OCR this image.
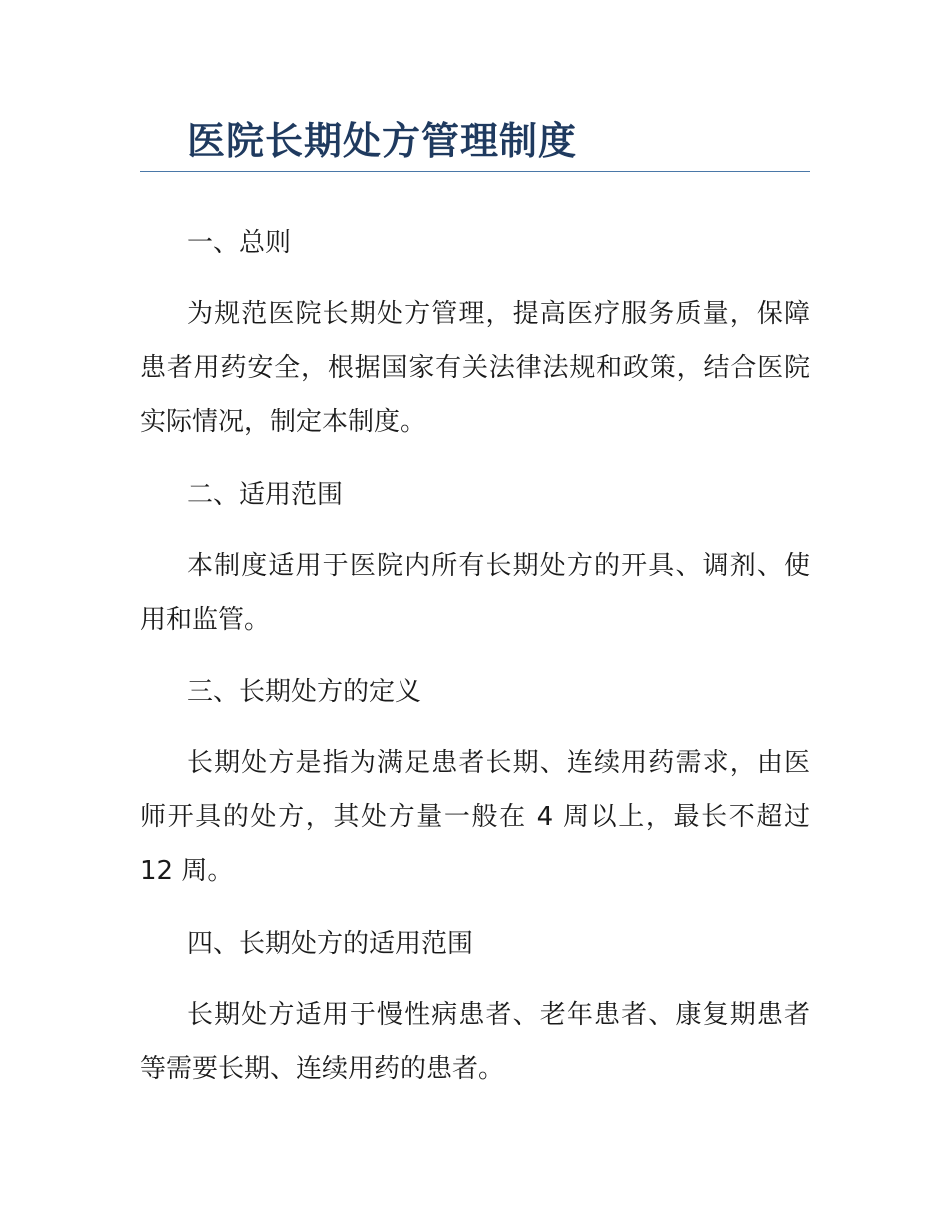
医院长期处方管理制度
一、总则

为规范医院长期处方管理，提高医疗服务质量，保障患者用药安全，根据国家有关法律法规和政策，结合医院实际情况，制定本制度。

二、适用范围

本制度适用于医院内所有长期处方的开具、调剂、使用和监管。

三、长期处方的定义

长期处方是指为满足患者长期、连续用药需求，由医师开具的处方，其处方量一般在 4 周以上，最长不超过 12 周。

四、长期处方的适用范围

长期处方适用于慢性病患者、老年患者、康复期患者等需要长期、连续用药的患者。
